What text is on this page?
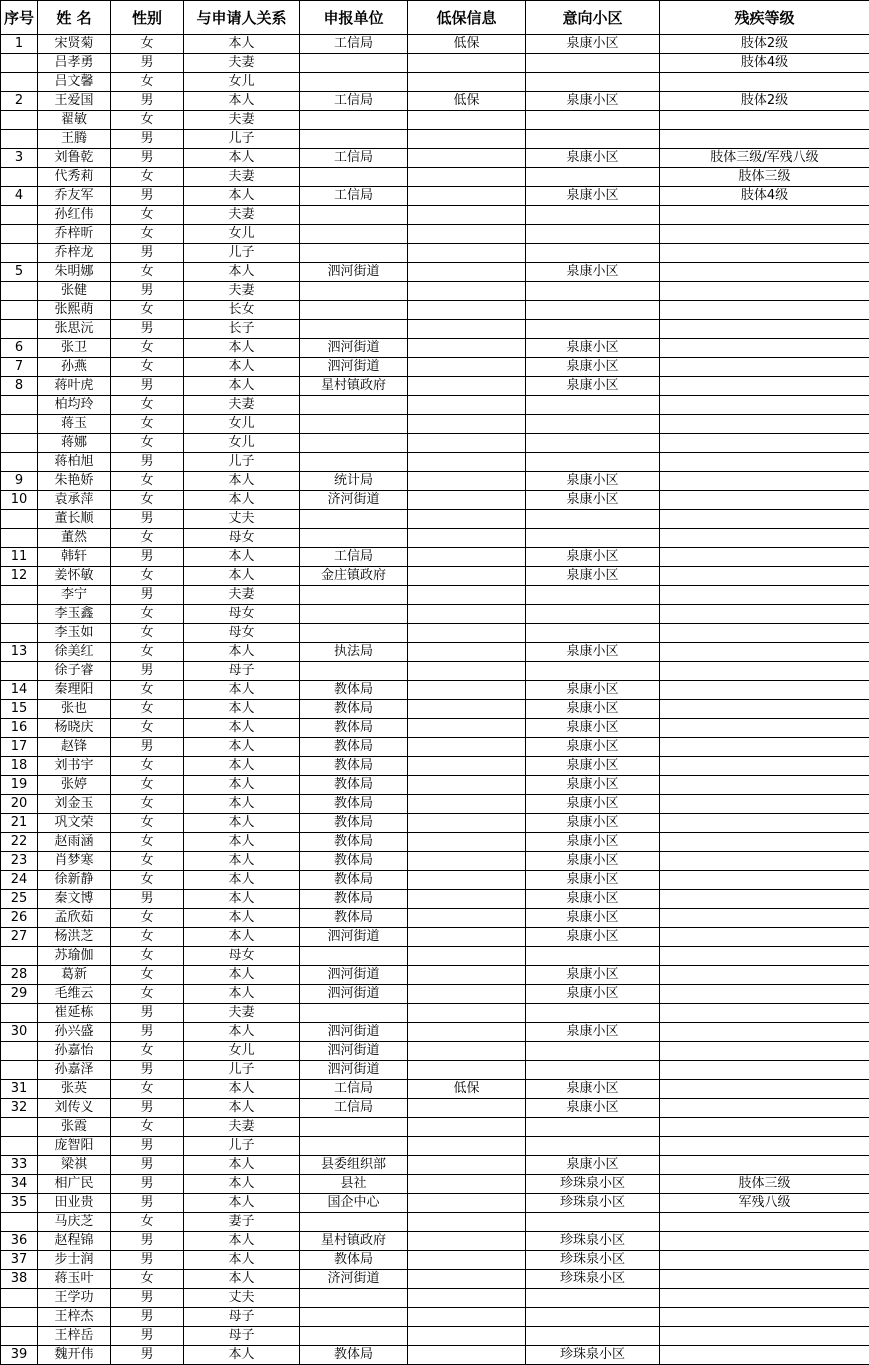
序号	姓 名	性别	与申请人关系	申报单位	低保信息	意向小区	残疾等级
1	宋贤菊	女	本人	工信局	低保	泉康小区	肢体2级
	吕孝勇	男	夫妻				肢体4级
	吕文馨	女	女儿				
2	王爱国	男	本人	工信局	低保	泉康小区	肢体2级
	翟敏	女	夫妻				
	王腾	男	儿子				
3	刘鲁乾	男	本人	工信局		泉康小区	肢体三级/军残八级
	代秀莉	女	夫妻				肢体三级
4	乔友军	男	本人	工信局		泉康小区	肢体4级
	孙红伟	女	夫妻				
	乔梓昕	女	女儿				
	乔梓龙	男	儿子				
5	朱明娜	女	本人	泗河街道		泉康小区	
	张健	男	夫妻				
	张熙萌	女	长女				
	张思沅	男	长子				
6	张卫	女	本人	泗河街道		泉康小区	
7	孙燕	女	本人	泗河街道		泉康小区	
8	蒋叶虎	男	本人	星村镇政府		泉康小区	
	柏均玲	女	夫妻				
	蒋玉	女	女儿				
	蒋娜	女	女儿				
	蒋柏旭	男	儿子				
9	朱艳娇	女	本人	统计局		泉康小区	
10	袁承萍	女	本人	济河街道		泉康小区	
	董长顺	男	丈夫				
	董然	女	母女				
11	韩轩	男	本人	工信局		泉康小区	
12	姜怀敏	女	本人	金庄镇政府		泉康小区	
	李宁	男	夫妻				
	李玉鑫	女	母女				
	李玉如	女	母女				
13	徐美红	女	本人	执法局		泉康小区	
	徐子睿	男	母子				
14	秦理阳	女	本人	教体局		泉康小区	
15	张也	女	本人	教体局		泉康小区	
16	杨晓庆	女	本人	教体局		泉康小区	
17	赵锋	男	本人	教体局		泉康小区	
18	刘书宇	女	本人	教体局		泉康小区	
19	张婷	女	本人	教体局		泉康小区	
20	刘金玉	女	本人	教体局		泉康小区	
21	巩文荣	女	本人	教体局		泉康小区	
22	赵雨涵	女	本人	教体局		泉康小区	
23	肖梦寒	女	本人	教体局		泉康小区	
24	徐新静	女	本人	教体局		泉康小区	
25	秦文博	男	本人	教体局		泉康小区	
26	孟欣茹	女	本人	教体局		泉康小区	
27	杨洪芝	女	本人	泗河街道		泉康小区	
	苏瑜伽	女	母女				
28	葛新	女	本人	泗河街道		泉康小区	
29	毛维云	女	本人	泗河街道		泉康小区	
	崔延栋	男	夫妻				
30	孙兴盛	男	本人	泗河街道		泉康小区	
	孙嘉怡	女	女儿	泗河街道			
	孙嘉泽	男	儿子	泗河街道			
31	张英	女	本人	工信局	低保	泉康小区	
32	刘传义	男	本人	工信局		泉康小区	
	张霞	女	夫妻				
	庞智阳	男	儿子				
33	梁祺	男	本人	县委组织部		泉康小区	
34	相广民	男	本人	县社		珍珠泉小区	肢体三级
35	田业贵	男	本人	国企中心		珍珠泉小区	军残八级
	马庆芝	女	妻子				
36	赵程锦	男	本人	星村镇政府		珍珠泉小区	
37	步士润	男	本人	教体局		珍珠泉小区	
38	蒋玉叶	女	本人	济河街道		珍珠泉小区	
	王学功	男	丈夫				
	王梓杰	男	母子				
	王梓岳	男	母子				
39	魏开伟	男	本人	教体局		珍珠泉小区	
